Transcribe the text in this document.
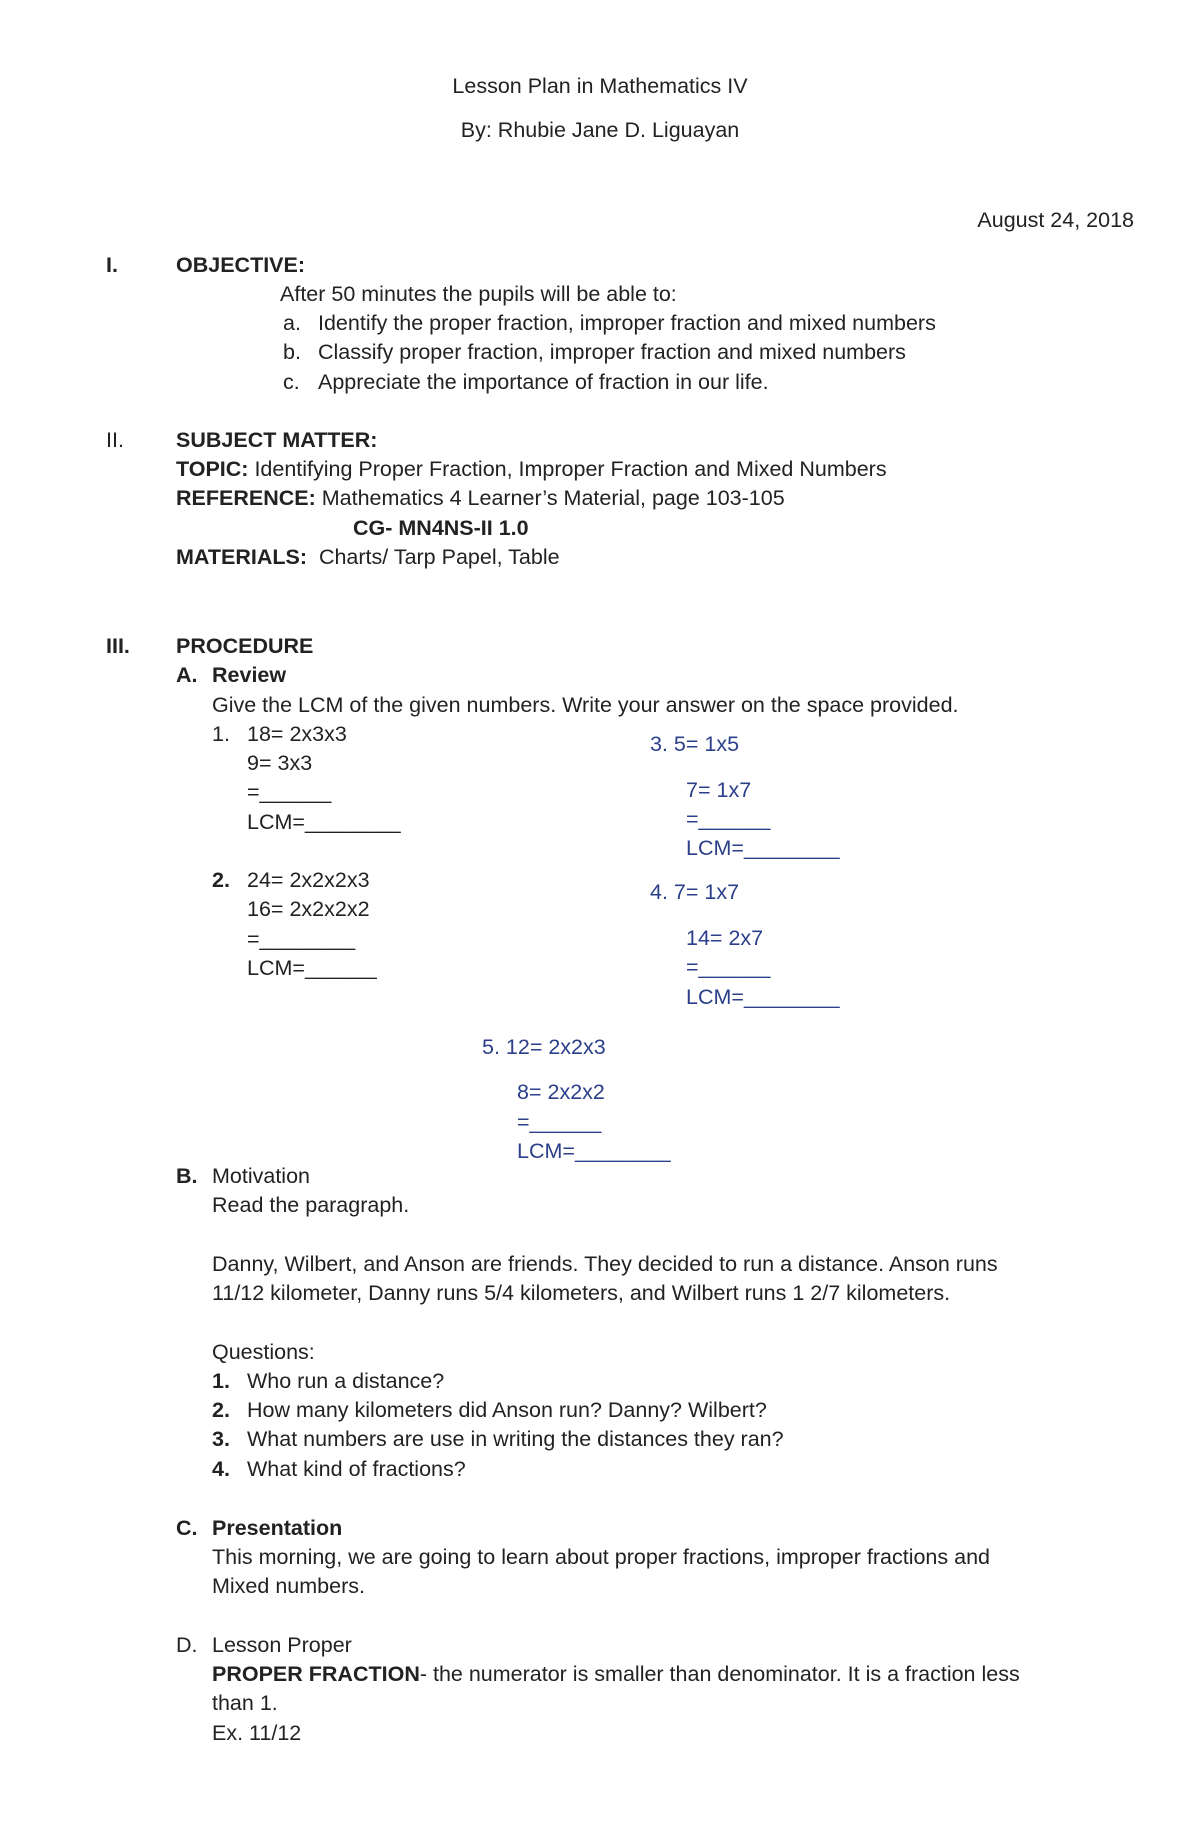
Lesson Plan in Mathematics IV
By: Rhubie Jane D. Liguayan
August 24, 2018
I.	OBJECTIVE:
After 50 minutes the pupils will be able to:
a. Identify the proper fraction, improper fraction and mixed numbers
b. Classify proper fraction, improper fraction and mixed numbers
c. Appreciate the importance of fraction in our life.
II. SUBJECT MATTER:
TOPIC: Identifying Proper Fraction, Improper Fraction and Mixed Numbers
REFERENCE: Mathematics 4 Learner’s Material, page 103-105
CG- MN4NS-II 1.0
MATERIALS: Charts/ Tarp Papel, Table
III. PROCEDURE
A. Review
Give the LCM of the given numbers. Write your answer on the space provided.
1. 18= 2x3x3
9= 3x3
=______
LCM=________
2. 24= 2x2x2x3
16= 2x2x2x2
=________
LCM=______
3. 5= 1x5
7= 1x7
=______
LCM=________
4. 7= 1x7
14= 2x7
=______
LCM=________
5. 12= 2x2x3
8= 2x2x2
=______
LCM=________
B. Motivation
Read the paragraph.
Danny, Wilbert, and Anson are friends. They decided to run a distance. Anson runs
11/12 kilometer, Danny runs 5/4 kilometers, and Wilbert runs 1 2/7 kilometers.
Questions:
1. Who run a distance?
2. How many kilometers did Anson run? Danny? Wilbert?
3. What numbers are use in writing the distances they ran?
4. What kind of fractions?
C. Presentation
This morning, we are going to learn about proper fractions, improper fractions and
Mixed numbers.
D. Lesson Proper
PROPER FRACTION- the numerator is smaller than denominator. It is a fraction less
than 1.
Ex. 11/12
